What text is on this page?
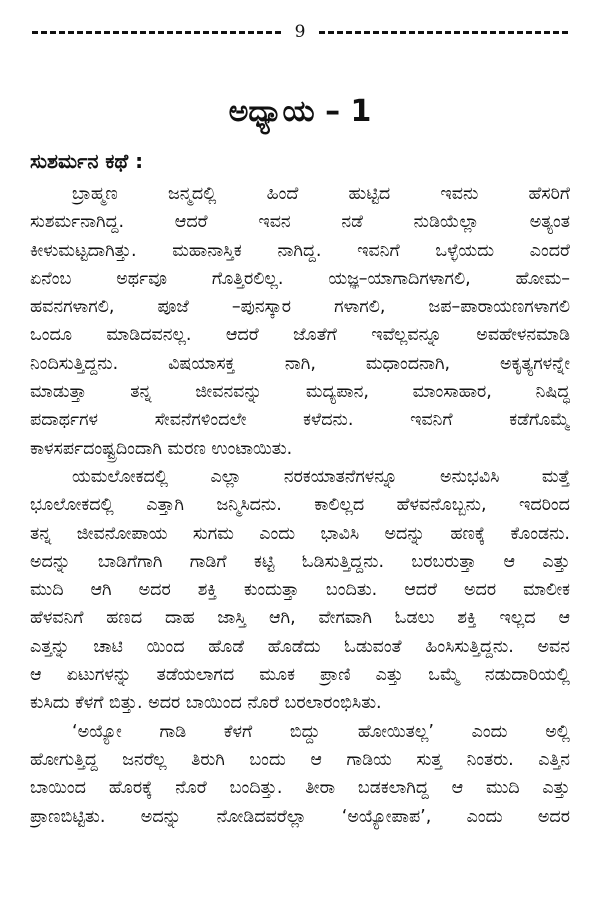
9
ಅಧ್ಯಾಯ – 1
ಸುಶರ್ಮನ ಕಥೆ :
ಬ್ರಾಹ್ಮಣ ಜನ್ಮದಲ್ಲಿ ಹಿಂದೆ ಹುಟ್ಟಿದ ಇವನು ಹೆಸರಿಗೆ
ಸುಶರ್ಮನಾಗಿದ್ದ. ಆದರೆ ಇವನ ನಡೆ ನುಡಿಯೆಲ್ಲಾ ಅತ್ಯಂತ
ಕೀಳುಮಟ್ಟದಾಗಿತ್ತು. ಮಹಾನಾಸ್ತಿಕ ನಾಗಿದ್ದ. ಇವನಿಗೆ ಒಳ್ಳೆಯದು ಎಂದರೆ
ಏನೆಂಬ ಅರ್ಥವೂ ಗೊತ್ತಿರಲಿಲ್ಲ. ಯಜ್ಞ–ಯಾಗಾದಿಗಳಾಗಲಿ, ಹೋಮ–
ಹವನಗಳಾಗಲಿ, ಪೂಜೆ –ಪುನಸ್ಕಾರ ಗಳಾಗಲಿ, ಜಪ–ಪಾರಾಯಣಗಳಾಗಲಿ
ಒಂದೂ ಮಾಡಿದವನಲ್ಲ. ಆದರೆ ಜೊತೆಗೆ ಇವೆಲ್ಲವನ್ನೂ ಅವಹೇಳನಮಾಡಿ
ನಿಂದಿಸುತ್ತಿದ್ದನು. ವಿಷಯಾಸಕ್ತ ನಾಗಿ, ಮಧಾಂದನಾಗಿ, ಅಕೃತ್ಯಗಳನ್ನೇ
ಮಾಡುತ್ತಾ ತನ್ನ ಜೀವನವನ್ನು ಮದ್ಯಪಾನ, ಮಾಂಸಾಹಾರ, ನಿಷಿದ್ಧ
ಪದಾರ್ಥಗಳ ಸೇವನೆಗಳಿಂದಲೇ ಕಳೆದನು. ಇವನಿಗೆ ಕಡೆಗೊಮ್ಮೆ
ಕಾಳಸರ್ಪದಂಷ್ಟ್ರದಿಂದಾಗಿ ಮರಣ ಉಂಟಾಯಿತು.
ಯಮಲೋಕದಲ್ಲಿ ಎಲ್ಲಾ ನರಕಯಾತನೆಗಳನ್ನೂ ಅನುಭವಿಸಿ ಮತ್ತೆ
ಭೂಲೋಕದಲ್ಲಿ ಎತ್ತಾಗಿ ಜನ್ಮಿಸಿದನು. ಕಾಲಿಲ್ಲದ ಹೆಳವನೊಬ್ಬನು, ಇದರಿಂದ
ತನ್ನ ಜೀವನೋಪಾಯ ಸುಗಮ ಎಂದು ಭಾವಿಸಿ ಅದನ್ನು ಹಣಕ್ಕೆ ಕೊಂಡನು.
ಅದನ್ನು ಬಾಡಿಗೆಗಾಗಿ ಗಾಡಿಗೆ ಕಟ್ಟಿ ಓಡಿಸುತ್ತಿದ್ದನು. ಬರಬರುತ್ತಾ ಆ ಎತ್ತು
ಮುದಿ ಆಗಿ ಅದರ ಶಕ್ತಿ ಕುಂದುತ್ತಾ ಬಂದಿತು. ಆದರೆ ಅದರ ಮಾಲೀಕ
ಹೆಳವನಿಗೆ ಹಣದ ದಾಹ ಜಾಸ್ತಿ ಆಗಿ, ವೇಗವಾಗಿ ಓಡಲು ಶಕ್ತಿ ಇಲ್ಲದ ಆ
ಎತ್ತನ್ನು ಚಾಟಿ ಯಿಂದ ಹೊಡೆ ಹೊಡೆದು ಓಡುವಂತೆ ಹಿಂಸಿಸುತ್ತಿದ್ದನು. ಅವನ
ಆ ಏಟುಗಳನ್ನು ತಡೆಯಲಾಗದ ಮೂಕ ಪ್ರಾಣಿ ಎತ್ತು ಒಮ್ಮೆ ನಡುದಾರಿಯಲ್ಲಿ
ಕುಸಿದು ಕೆಳಗೆ ಬಿತ್ತು. ಅದರ ಬಾಯಿಂದ ನೊರೆ ಬರಲಾರಂಭಿಸಿತು.
‘ಅಯ್ಯೋ ಗಾಡಿ ಕೆಳಗೆ ಬಿದ್ದು ಹೋಯಿತಲ್ಲ’ ಎಂದು ಅಲ್ಲಿ
ಹೋಗುತ್ತಿದ್ದ ಜನರೆಲ್ಲ ತಿರುಗಿ ಬಂದು ಆ ಗಾಡಿಯ ಸುತ್ತ ನಿಂತರು. ಎತ್ತಿನ
ಬಾಯಿಂದ ಹೊರಕ್ಕೆ ನೊರೆ ಬಂದಿತ್ತು. ತೀರಾ ಬಡಕಲಾಗಿದ್ದ ಆ ಮುದಿ ಎತ್ತು
ಪ್ರಾಣಬಿಟ್ಟಿತು. ಅದನ್ನು ನೋಡಿದವರೆಲ್ಲಾ ‘ಅಯ್ಯೋಪಾಪ’, ಎಂದು ಅದರ
